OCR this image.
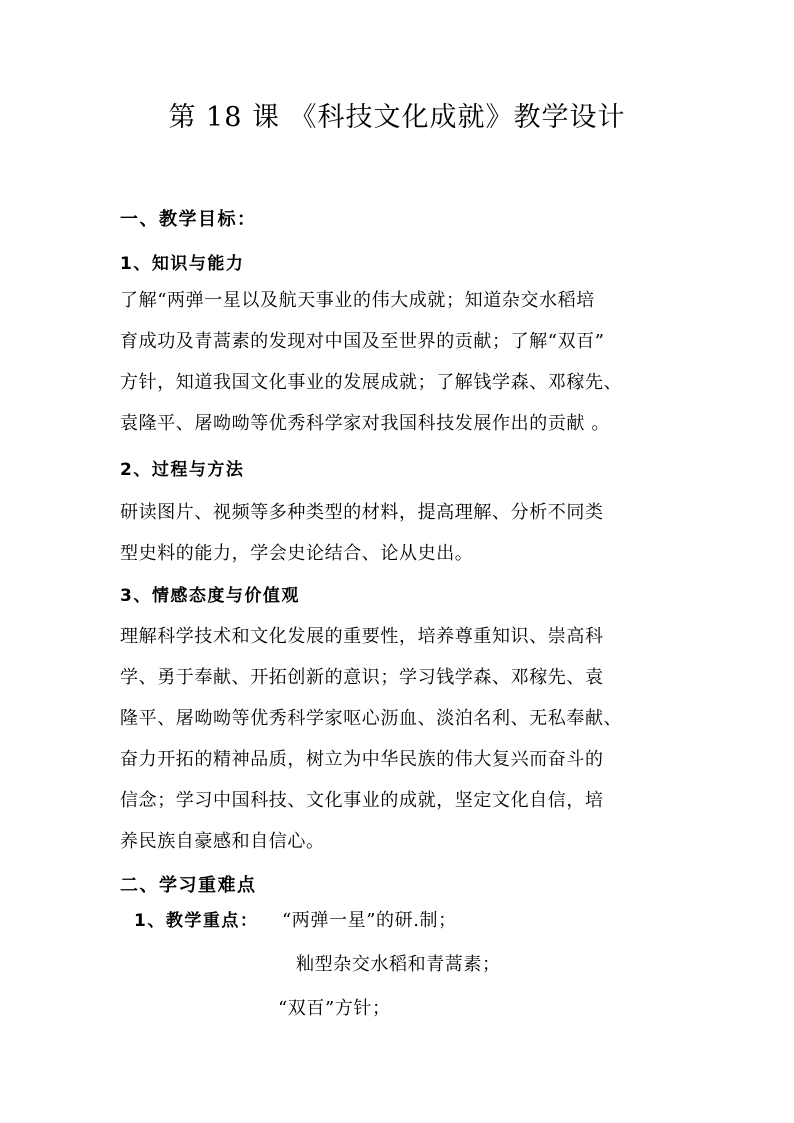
第 18 课 《科技文化成就》教学设计
一、教学目标：
1、知识与能力
了解“两弹一星以及航天事业的伟大成就；知道杂交水稻培
育成功及青蒿素的发现对中国及至世界的贡献；了解“双百”
方针，知道我国文化事业的发展成就；了解钱学森、邓稼先、
袁隆平、屠呦呦等优秀科学家对我国科技发展作出的贡献 。
2、过程与方法
研读图片、视频等多种类型的材料，提高理解、分析不同类
型史料的能力，学会史论结合、论从史出。
3、情感态度与价值观
理解科学技术和文化发展的重要性，培养尊重知识、崇高科
学、勇于奉献、开拓创新的意识；学习钱学森、邓稼先、袁
隆平、屠呦呦等优秀科学家呕心沥血、淡泊名利、无私奉献、
奋力开拓的精神品质，树立为中华民族的伟大复兴而奋斗的
信念；学习中国科技、文化事业的成就，坚定文化自信，培
养民族自豪感和自信心。
二、学习重难点
1、教学重点： “两弹一星”的研.制；
籼型杂交水稻和青蒿素；
“双百”方针；
